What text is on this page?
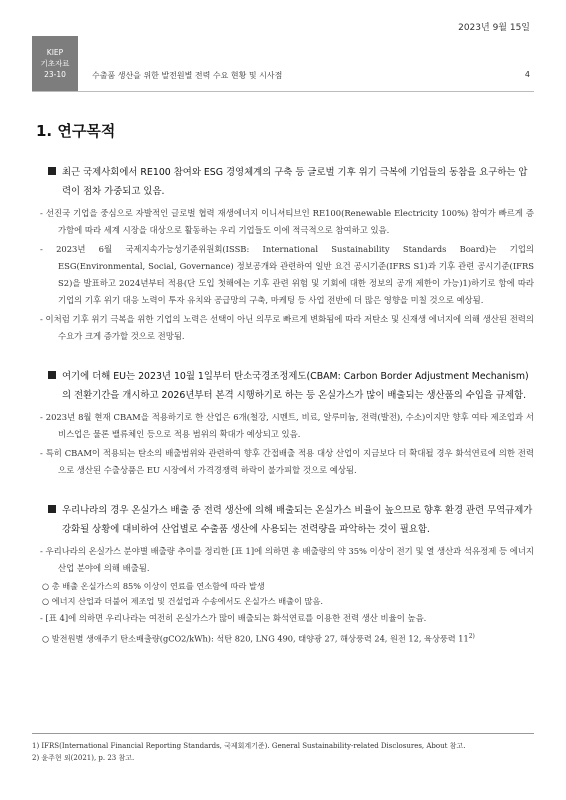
2023년 9월 15일
KIEP
기초자료
23-10	수출품 생산을 위한 발전원별 전력 수요 현황 및 시사점	4
1. 연구목적

최근 국제사회에서 RE100 참여와 ESG 경영체계의 구축 등 글로벌 기후 위기 극복에 기업들의 동참을 요구하는 압력이 점차 가중되고 있음.

- 선진국 기업을 중심으로 자발적인 글로벌 협력 재생에너지 이니셔티브인 RE100(Renewable Electricity 100%) 참여가 빠르게 증가함에 따라 세계 시장을 대상으로 활동하는 우리 기업들도 이에 적극적으로 참여하고 있음.

- 2023년 6월 국제지속가능성기준위원회(ISSB: International Sustainability Standards Board)는 기업의 ESG(Environmental, Social, Governance) 정보공개와 관련하여 일반 요건 공시기준(IFRS S1)과 기후 관련 공시기준(IFRS S2)을 발표하고 2024년부터 적용(단 도입 첫해에는 기후 관련 위험 및 기회에 대한 정보의 공개 제한이 가능)1)하기로 함에 따라 기업의 기후 위기 대응 노력이 투자 유치와 공급망의 구축, 마케팅 등 사업 전반에 더 많은 영향을 미칠 것으로 예상됨.

- 이처럼 기후 위기 극복을 위한 기업의 노력은 선택이 아닌 의무로 빠르게 변화됨에 따라 저탄소 및 신재생 에너지에 의해 생산된 전력의 수요가 크게 증가할 것으로 전망됨.

여기에 더해 EU는 2023년 10월 1일부터 탄소국경조정제도(CBAM: Carbon Border Adjustment Mechanism)의 전환기간을 개시하고 2026년부터 본격 시행하기로 하는 등 온실가스가 많이 배출되는 생산품의 수입을 규제함.

- 2023년 8월 현재 CBAM을 적용하기로 한 산업은 6개(철강, 시멘트, 비료, 알루미늄, 전력(발전), 수소)이지만 향후 여타 제조업과 서비스업은 물론 밸류체인 등으로 적용 범위의 확대가 예상되고 있음.

- 특히 CBAM이 적용되는 탄소의 배출범위와 관련하여 향후 간접배출 적용 대상 산업이 지금보다 더 확대될 경우 화석연료에 의한 전력으로 생산된 수출상품은 EU 시장에서 가격경쟁력 하락이 불가피할 것으로 예상됨.

우리나라의 경우 온실가스 배출 중 전력 생산에 의해 배출되는 온실가스 비율이 높으므로 향후 환경 관련 무역규제가 강화될 상황에 대비하여 산업별로 수출품 생산에 사용되는 전력량을 파악하는 것이 필요함.

- 우리나라의 온실가스 분야별 배출량 추이를 정리한 [표 1]에 의하면 총 배출량의 약 35% 이상이 전기 및 열 생산과 석유정제 등 에너지 산업 분야에 의해 배출됨.

○ 총 배출 온실가스의 85% 이상이 연료를 연소함에 따라 발생

○ 에너지 산업과 더불어 제조업 및 건설업과 수송에서도 온실가스 배출이 많음.

- [표 4]에 의하면 우리나라는 여전히 온실가스가 많이 배출되는 화석연료를 이용한 전력 생산 비율이 높음.

○ 발전원별 생애주기 탄소배출량(gCO2/kWh): 석탄 820, LNG 490, 태양광 27, 해상풍력 24, 원전 12, 육상풍력 11$^{2)}$

1) IFRS(International Financial Reporting Standards, 국제회계기준). General Sustainability-related Disclosures, About 참고.

2) 윤주현 외(2021), p. 23 참고.
